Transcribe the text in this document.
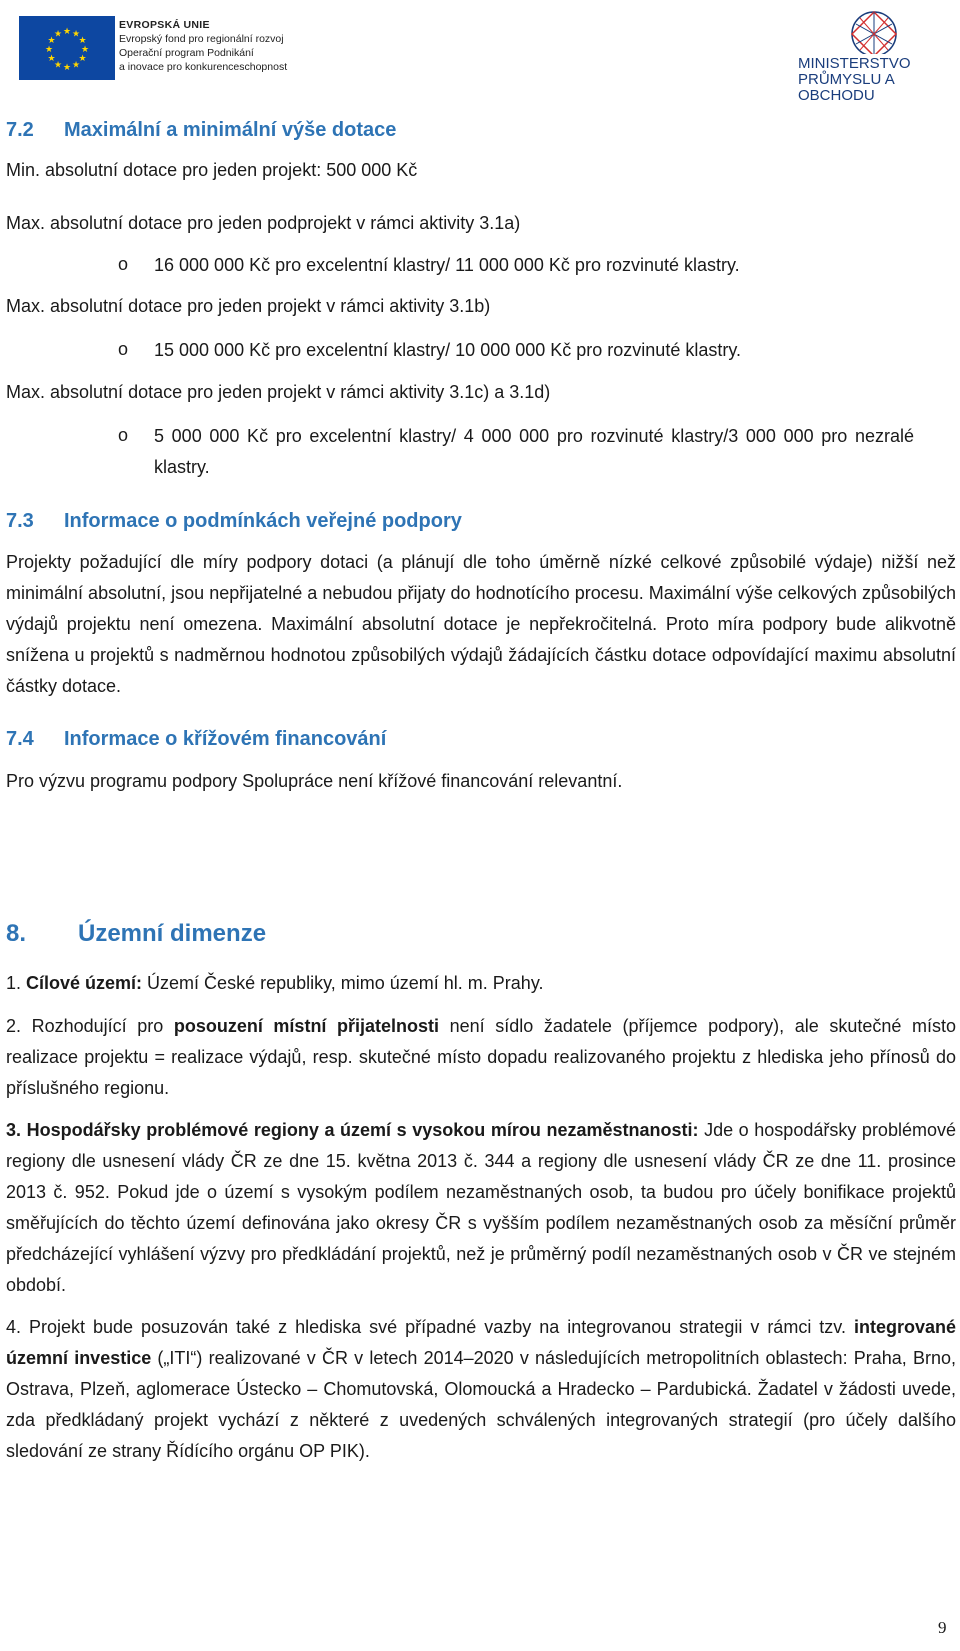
★ ★
★
★
★
★
★
★
★
★
★
★
EVROPSKÁ UNIE
Evropský fond pro regionální rozvoj
Operační program Podnikání
a inovace pro konkurenceschopnost	MINISTERSTVO
PRŮMYSLU A OBCHODU
7.2 Maximální a minimální výše dotace
Min. absolutní dotace pro jeden projekt: 500 000 Kč
Max. absolutní dotace pro jeden podprojekt v rámci aktivity 3.1a)
o 16 000 000 Kč pro excelentní klastry/ 11 000 000 Kč pro rozvinuté klastry.
Max. absolutní dotace pro jeden projekt v rámci aktivity 3.1b)
o 15 000 000 Kč pro excelentní klastry/ 10 000 000 Kč pro rozvinuté klastry.
Max. absolutní dotace pro jeden projekt v rámci aktivity 3.1c) a 3.1d)
o 5 000 000 Kč pro excelentní klastry/ 4 000 000 pro rozvinuté klastry/3 000 000 pro nezralé klastry.
7.3 Informace o podmínkách veřejné podpory
Projekty požadující dle míry podpory dotaci (a plánují dle toho úměrně nízké celkové způsobilé výdaje) nižší než minimální absolutní, jsou nepřijatelné a nebudou přijaty do hodnotícího procesu. Maximální výše celkových způsobilých výdajů projektu není omezena. Maximální absolutní dotace je nepřekročitelná. Proto míra podpory bude alikvotně snížena u projektů s nadměrnou hodnotou způsobilých výdajů žádajících částku dotace odpovídající maximu absolutní částky dotace.
7.4 Informace o křížovém financování
Pro výzvu programu podpory Spolupráce není křížové financování relevantní.
8. Územní dimenze
1. Cílové území: Území České republiky, mimo území hl. m. Prahy.
2. Rozhodující pro posouzení místní přijatelnosti není sídlo žadatele (příjemce podpory), ale skutečné místo realizace projektu = realizace výdajů, resp. skutečné místo dopadu realizovaného projektu z hlediska jeho přínosů do příslušného regionu.
3. Hospodářsky problémové regiony a území s vysokou mírou nezaměstnanosti: Jde o hospodářsky problémové regiony dle usnesení vlády ČR ze dne 15. května 2013 č. 344 a regiony dle usnesení vlády ČR ze dne 11. prosince 2013 č. 952. Pokud jde o území s vysokým podílem nezaměstnaných osob, ta budou pro účely bonifikace projektů směřujících do těchto území definována jako okresy ČR s vyšším podílem nezaměstnaných osob za měsíční průměr předcházející vyhlášení výzvy pro předkládání projektů, než je průměrný podíl nezaměstnaných osob v ČR ve stejném období.
4. Projekt bude posuzován také z hlediska své případné vazby na integrovanou strategii v rámci tzv. integrované územní investice („ITI“) realizované v ČR v letech 2014–2020 v následujících metropolitních oblastech: Praha, Brno, Ostrava, Plzeň, aglomerace Ústecko – Chomutovská, Olomoucká a Hradecko – Pardubická. Žadatel v žádosti uvede, zda předkládaný projekt vychází z některé z uvedených schválených integrovaných strategií (pro účely dalšího sledování ze strany Řídícího orgánu OP PIK).
9
